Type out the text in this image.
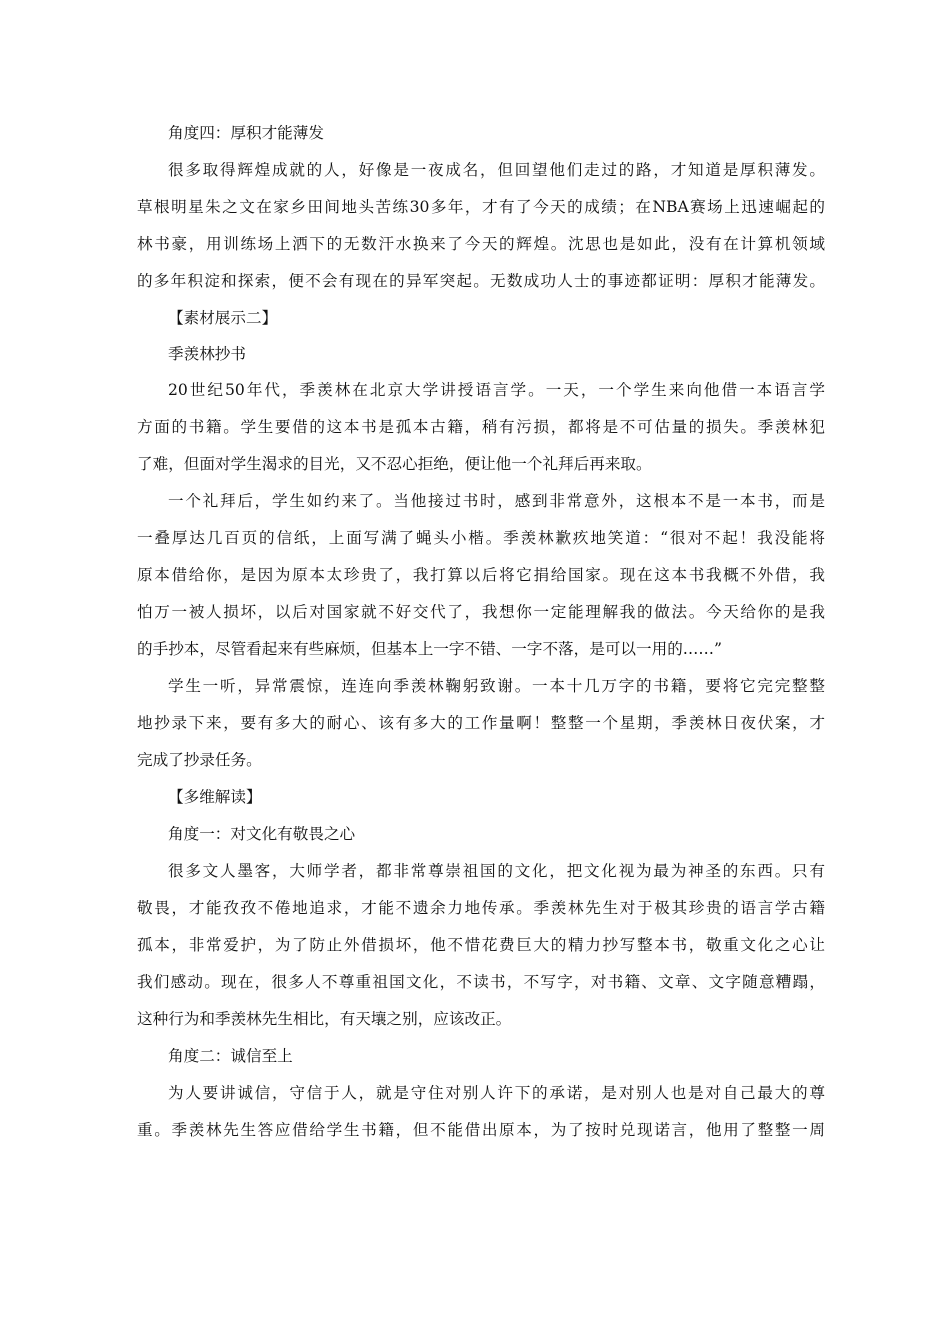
角度四：厚积才能薄发

很多取得辉煌成就的人，好像是一夜成名，但回望他们走过的路，才知道是厚积薄发。

草根明星朱之文在家乡田间地头苦练30多年，才有了今天的成绩；在NBA赛场上迅速崛起的

林书豪，用训练场上洒下的无数汗水换来了今天的辉煌。沈思也是如此，没有在计算机领域

的多年积淀和探索，便不会有现在的异军突起。无数成功人士的事迹都证明：厚积才能薄发。

【素材展示二】

季羡林抄书

20世纪50年代，季羡林在北京大学讲授语言学。一天，一个学生来向他借一本语言学

方面的书籍。学生要借的这本书是孤本古籍，稍有污损，都将是不可估量的损失。季羡林犯

了难，但面对学生渴求的目光，又不忍心拒绝，便让他一个礼拜后再来取。

一个礼拜后，学生如约来了。当他接过书时，感到非常意外，这根本不是一本书，而是

一叠厚达几百页的信纸，上面写满了蝇头小楷。季羡林歉疚地笑道：“很对不起！我没能将

原本借给你，是因为原本太珍贵了，我打算以后将它捐给国家。现在这本书我概不外借，我

怕万一被人损坏，以后对国家就不好交代了，我想你一定能理解我的做法。今天给你的是我

的手抄本，尽管看起来有些麻烦，但基本上一字不错、一字不落，是可以一用的……”

学生一听，异常震惊，连连向季羡林鞠躬致谢。一本十几万字的书籍，要将它完完整整

地抄录下来，要有多大的耐心、该有多大的工作量啊！整整一个星期，季羡林日夜伏案，才

完成了抄录任务。

【多维解读】

角度一：对文化有敬畏之心

很多文人墨客，大师学者，都非常尊崇祖国的文化，把文化视为最为神圣的东西。只有

敬畏，才能孜孜不倦地追求，才能不遗余力地传承。季羡林先生对于极其珍贵的语言学古籍

孤本，非常爱护，为了防止外借损坏，他不惜花费巨大的精力抄写整本书，敬重文化之心让

我们感动。现在，很多人不尊重祖国文化，不读书，不写字，对书籍、文章、文字随意糟蹋，

这种行为和季羡林先生相比，有天壤之别，应该改正。

角度二：诚信至上

为人要讲诚信，守信于人，就是守住对别人许下的承诺，是对别人也是对自己最大的尊

重。季羡林先生答应借给学生书籍，但不能借出原本，为了按时兑现诺言，他用了整整一周
